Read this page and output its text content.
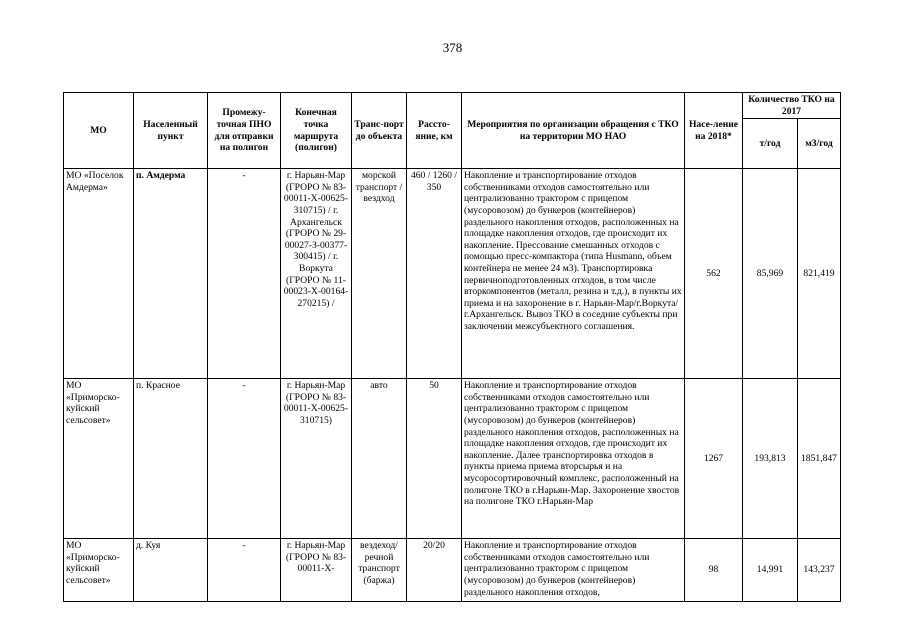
378
МО	Населенный пункт	Промежу-точная ПНО для отправки на полигон	Конечная точка маршрута (полигон)	Транс-порт до объекта	Рассто-яние, км	Мероприятия по организации обращения с ТКО на территории МО НАО	Насе-ление на 2018*	Количество ТКО на 2017	
								т/год	м3/год
МО «Поселок Амдерма»	п. Амдерма	-	г. Нарьян-Мар (ГРОРО № 83-00011-Х-00625-310715) / г. Архангельск (ГРОРО № 29-00027-З-00377-300415) / г. Воркута (ГРОРО № 11-00023-Х-00164-270215) /	морской транспорт / вездход	460 / 1260 / 350	Накопление и транспортирование отходов собственниками отходов самостоятельно или централизованно трактором с прицепом (мусоровозом) до бункеров (контейнеров) раздельного накопления отходов, расположенных на площадке накопления отходов, где происходит их накопление. Прессование смешанных отходов с помощью пресс-компактора (типа Husmann, объем контейнера не менее 24 м3). Транспортировка первичноподготовленных отходов, в том числе вторкомпонентов (металл, резина и т.д.), в пункты их приема и на захоронение в г. Нарьян-Мар/г.Воркута/г.Архангельск. Вывоз ТКО в соседние субъекты при заключении межсубъектного соглашения.	562	85,969	821,419
МО «Приморско-куйский сельсовет»	п. Красное	-	г. Нарьян-Мар (ГРОРО № 83-00011-Х-00625-310715)	авто	50	Накопление и транспортирование отходов собственниками отходов самостоятельно или централизованно трактором с прицепом (мусоровозом) до бункеров (контейнеров) раздельного накопления отходов, расположенных на площадке накопления отходов, где происходит их накопление. Далее транспортировка отходов в пункты приема приема вторсырья и на мусоросортировочный комплекс, расположенный на полигоне ТКО в г.Нарьян-Мар. Захоронение хвостов на полигоне ТКО г.Нарьян-Мар	1267	193,813	1851,847

МО «Приморско-куйский сельсовет»	д. Куя	-	г. Нарьян-Мар (ГРОРО № 83-00011-Х-	вездеход/ речной транспорт (баржа)	20/20	Накопление и транспортирование отходов собственниками отходов самостоятельно или централизованно трактором с прицепом (мусоровозом) до бункеров (контейнеров) раздельного накопления отходов,	98	14,991	143,237
